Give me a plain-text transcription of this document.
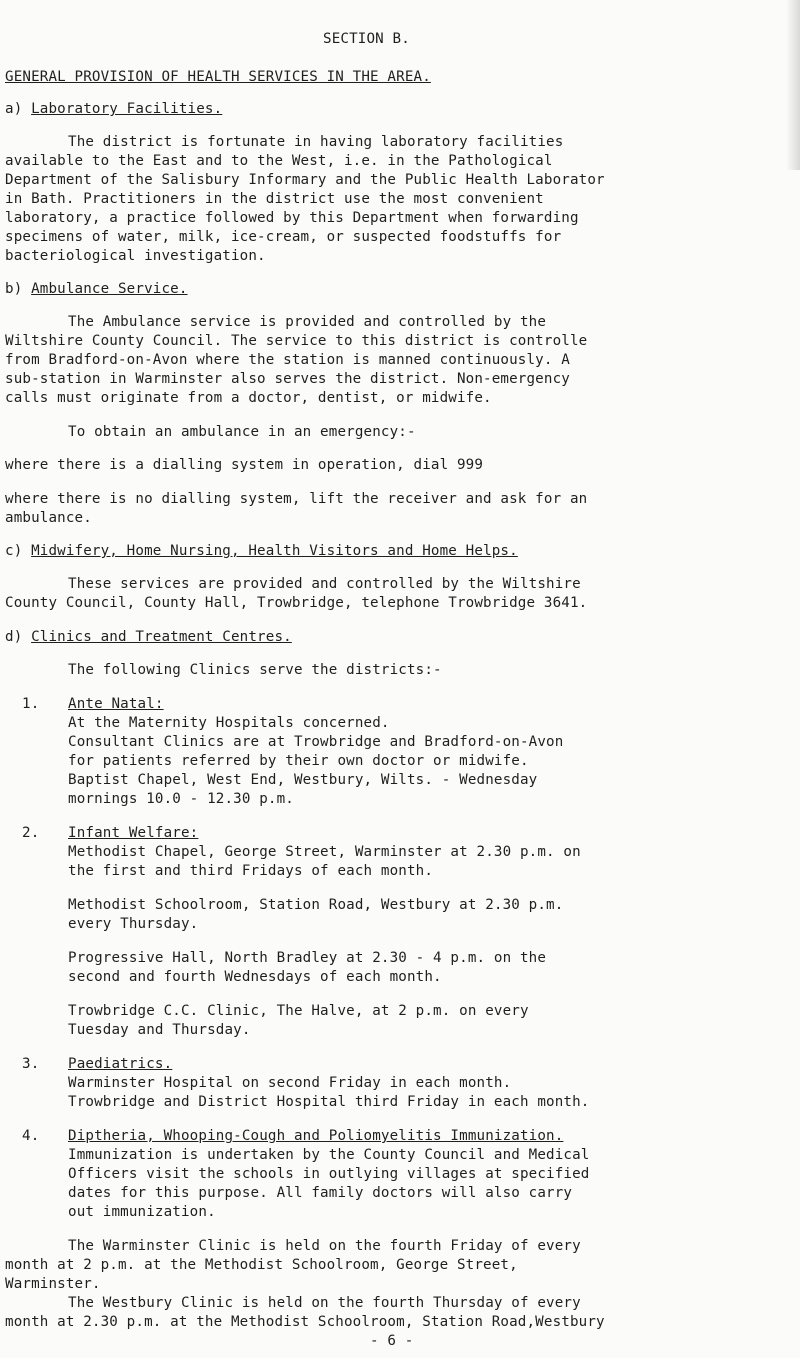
SECTION B.
GENERAL PROVISION OF HEALTH SERVICES IN THE AREA.
a) Laboratory Facilities.
The district is fortunate in having laboratory facilities
available to the East and to the West, i.e. in the Pathological
Department of the Salisbury Informary and the Public Health Laborator
in Bath. Practitioners in the district use the most convenient
laboratory, a practice followed by this Department when forwarding
specimens of water, milk, ice-cream, or suspected foodstuffs for
bacteriological investigation.
b) Ambulance Service.
The Ambulance service is provided and controlled by the
Wiltshire County Council. The service to this district is controlle
from Bradford-on-Avon where the station is manned continuously. A
sub-station in Warminster also serves the district. Non-emergency
calls must originate from a doctor, dentist, or midwife.
To obtain an ambulance in an emergency:-
where there is a dialling system in operation, dial 999
where there is no dialling system, lift the receiver and ask for an
ambulance.
c) Midwifery, Home Nursing, Health Visitors and Home Helps.
These services are provided and controlled by the Wiltshire
County Council, County Hall, Trowbridge, telephone Trowbridge 3641.
d) Clinics and Treatment Centres.
The following Clinics serve the districts:-
1. Ante Natal:
At the Maternity Hospitals concerned.
Consultant Clinics are at Trowbridge and Bradford-on-Avon
for patients referred by their own doctor or midwife.
Baptist Chapel, West End, Westbury, Wilts. - Wednesday
mornings 10.0 - 12.30 p.m.
2. Infant Welfare:
Methodist Chapel, George Street, Warminster at 2.30 p.m. on
the first and third Fridays of each month.
Methodist Schoolroom, Station Road, Westbury at 2.30 p.m.
every Thursday.
Progressive Hall, North Bradley at 2.30 - 4 p.m. on the
second and fourth Wednesdays of each month.
Trowbridge C.C. Clinic, The Halve, at 2 p.m. on every
Tuesday and Thursday.
3. Paediatrics.
Warminster Hospital on second Friday in each month.
Trowbridge and District Hospital third Friday in each month.
4. Diptheria, Whooping-Cough and Poliomyelitis Immunization.
Immunization is undertaken by the County Council and Medical
Officers visit the schools in outlying villages at specified
dates for this purpose. All family doctors will also carry
out immunization.
The Warminster Clinic is held on the fourth Friday of every
month at 2 p.m. at the Methodist Schoolroom, George Street,
Warminster.
The Westbury Clinic is held on the fourth Thursday of every
month at 2.30 p.m. at the Methodist Schoolroom, Station Road,Westbury
- 6 -
